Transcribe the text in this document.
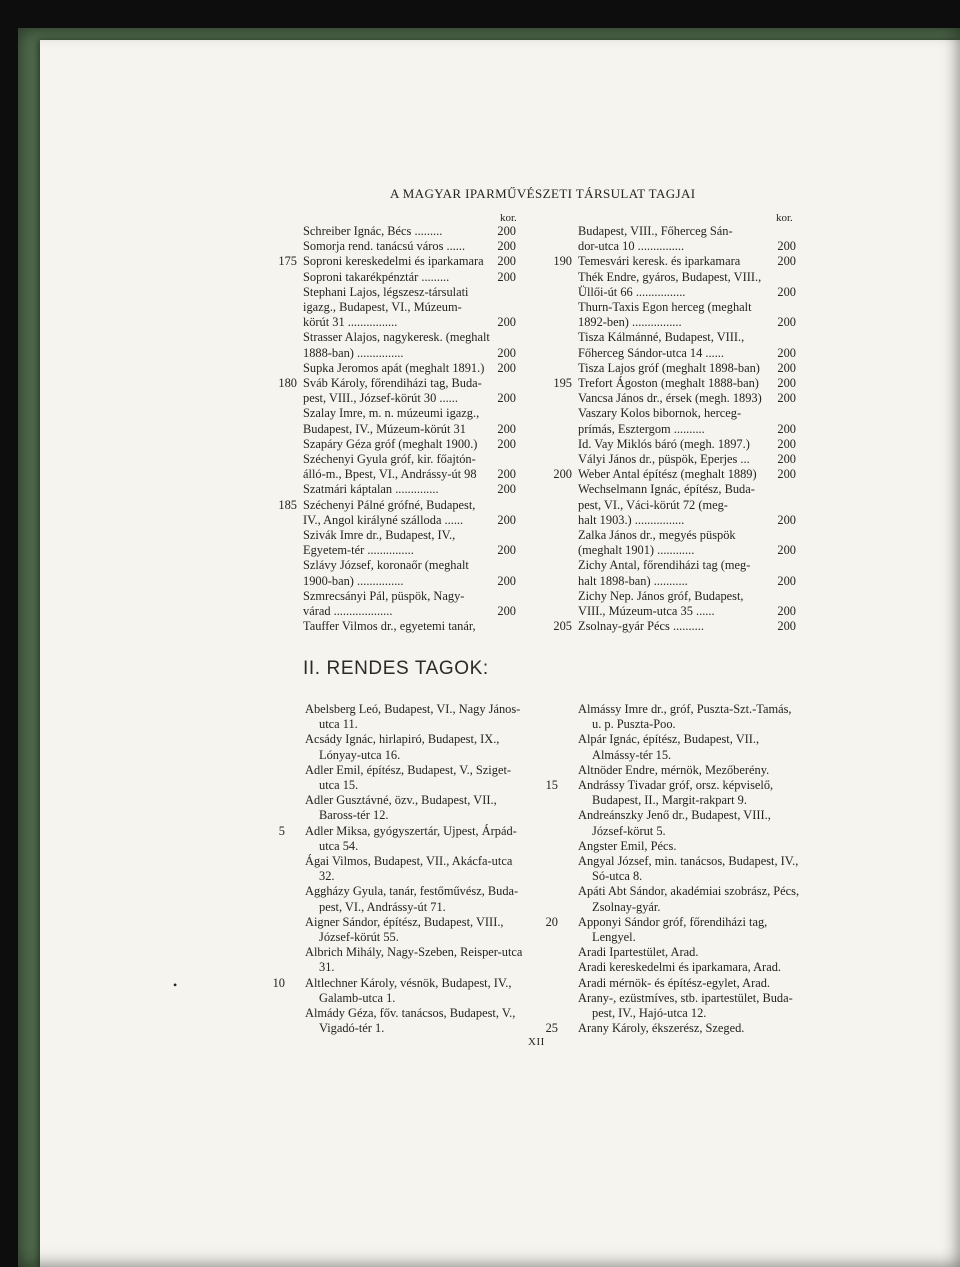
A MAGYAR IPARMŰVÉSZETI TÁRSULAT TAGJAI
kor.	kor.
Schreiber Ignác, Bécs .........	200
Somorja rend. tanácsú város ......	200
175 Soproni kereskedelmi és iparkamara	200
Soproni takarékpénztár .........	200
Stephani Lajos, légszesz-társulati
igazg., Budapest, VI., Múzeum-
körút 31 ................	200
Strasser Alajos, nagykeresk. (meghalt
1888-ban) ...............	200
Supka Jeromos apát (meghalt 1891.)	200
180 Sváb Károly, főrendiházi tag, Buda-
pest, VIII., József-körút 30 ......	200
Szalay Imre, m. n. múzeumi igazg.,
Budapest, IV., Múzeum-körút 31	200
Szapáry Géza gróf (meghalt 1900.)	200
Széchenyi Gyula gróf, kir. főajtón-
álló-m., Bpest, VI., Andrássy-út 98	200
Szatmári káptalan ..............	200
185 Széchenyi Pálné grófné, Budapest,
IV., Angol királyné szálloda ......	200
Szivák Imre dr., Budapest, IV.,
Egyetem-tér ...............	200
Szlávy József, koronaőr (meghalt
1900-ban) ...............	200
Szmrecsányi Pál, püspök, Nagy-
várad ...................	200
Tauffer Vilmos dr., egyetemi tanár,
Budapest, VIII., Főherceg Sán-
dor-utca 10 ...............	200
190 Temesvári keresk. és iparkamara	200
Thék Endre, gyáros, Budapest, VIII.,
Üllői-út 66 ................	200
Thurn-Taxis Egon herceg (meghalt
1892-ben) ................	200
Tisza Kálmánné, Budapest, VIII.,
Főherceg Sándor-utca 14 ......	200
Tisza Lajos gróf (meghalt 1898-ban)	200
195 Trefort Ágoston (meghalt 1888-ban)	200
Vancsa János dr., érsek (megh. 1893)	200
Vaszary Kolos bibornok, herceg-
prímás, Esztergom ..........	200
Id. Vay Miklós báró (megh. 1897.)	200
Vályi János dr., püspök, Eperjes ...	200
200 Weber Antal építész (meghalt 1889)	200
Wechselmann Ignác, építész, Buda-
pest, VI., Váci-körút 72 (meg-
halt 1903.) ................	200
Zalka János dr., megyés püspök
(meghalt 1901) ............	200
Zichy Antal, főrendiházi tag (meg-
halt 1898-ban) ...........	200
Zichy Nep. János gróf, Budapest,
VIII., Múzeum-utca 35 ......	200
205 Zsolnay-gyár Pécs ..........	200
II. RENDES TAGOK:
Abelsberg Leó, Budapest, VI., Nagy János-utca 11.
Acsády Ignác, hirlapiró, Budapest, IX., Lónyay-utca 16.
Adler Emil, építész, Budapest, V., Sziget-utca 15.
Adler Gusztávné, özv., Budapest, VII., Baross-tér 12.
5 Adler Miksa, gyógyszertár, Ujpest, Árpád-utca 54.
Ágai Vilmos, Budapest, VII., Akácfa-utca 32.
Aggházy Gyula, tanár, festőművész, Buda-pest, VI., Andrássy-út 71.
Aigner Sándor, építész, Budapest, VIII., József-körút 55.
Albrich Mihály, Nagy-Szeben, Reisper-utca 31.
10 Altlechner Károly, vésnök, Budapest, IV., Galamb-utca 1.
Almády Géza, főv. tanácsos, Budapest, V., Vigadó-tér 1.
Almássy Imre dr., gróf, Puszta-Szt.-Tamás, u. p. Puszta-Poo.
Alpár Ignác, építész, Budapest, VII., Almássy-tér 15.
Altnöder Endre, mérnök, Mezőberény.
15 Andrássy Tivadar gróf, orsz. képviselő, Budapest, II., Margit-rakpart 9.
Andreánszky Jenő dr., Budapest, VIII., József-körut 5.
Angster Emil, Pécs.
Angyal József, min. tanácsos, Budapest, IV., Só-utca 8.
Apáti Abt Sándor, akadémiai szobrász, Pécs, Zsolnay-gyár.
20 Apponyi Sándor gróf, főrendiházi tag, Lengyel.
Aradi Ipartestület, Arad.
Aradi kereskedelmi és iparkamara, Arad.
Aradi mérnök- és építész-egylet, Arad.
Arany-, ezüstmíves, stb. ipartestület, Buda-pest, IV., Hajó-utca 12.
25 Arany Károly, ékszerész, Szeged.
XII
•
